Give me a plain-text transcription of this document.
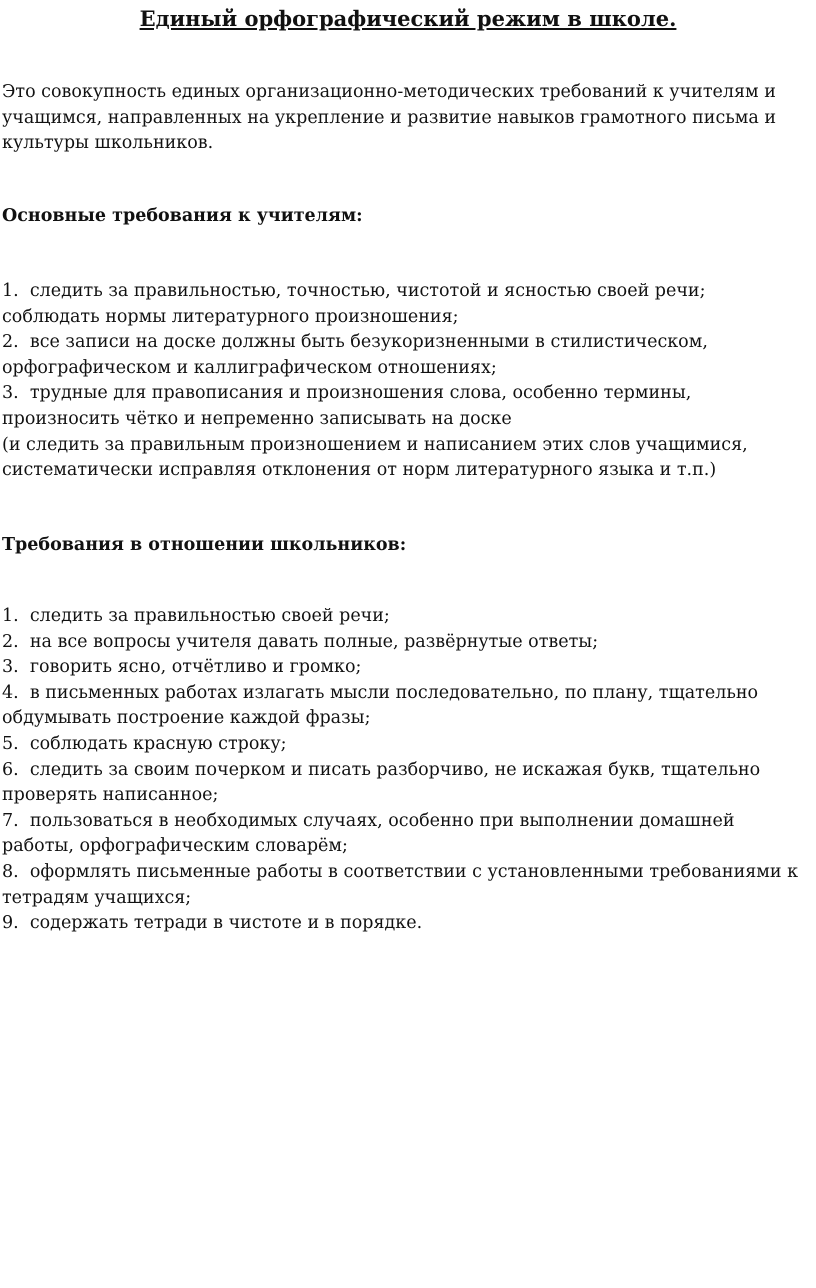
Единый орфографический режим в школе.

Это совокупность единых организационно-методических требований к учителям и учащимся, направленных на укрепление и развитие навыков грамотного письма и культуры школьников.

Основные требования к учителям:

1. следить за правильностью, точностью, чистотой и ясностью своей речи; соблюдать нормы литературного произношения;
2. все записи на доске должны быть безукоризненными в стилистическом, орфографическом и каллиграфическом отношениях;
3. трудные для правописания и произношения слова, особенно термины, произносить чётко и непременно записывать на доске
(и следить за правильным произношением и написанием этих слов учащимися, систематически исправляя отклонения от норм литературного языка и т.п.)

Требования в отношении школьников:

1. следить за правильностью своей речи;
2. на все вопросы учителя давать полные, развёрнутые ответы;
3. говорить ясно, отчётливо и громко;
4. в письменных работах излагать мысли последовательно, по плану, тщательно обдумывать построение каждой фразы;
5. соблюдать красную строку;
6. следить за своим почерком и писать разборчиво, не искажая букв, тщательно проверять написанное;
7. пользоваться в необходимых случаях, особенно при выполнении домашней работы, орфографическим словарём;
8. оформлять письменные работы в соответствии с установленными требованиями к тетрадям учащихся;
9. содержать тетради в чистоте и в порядке.
